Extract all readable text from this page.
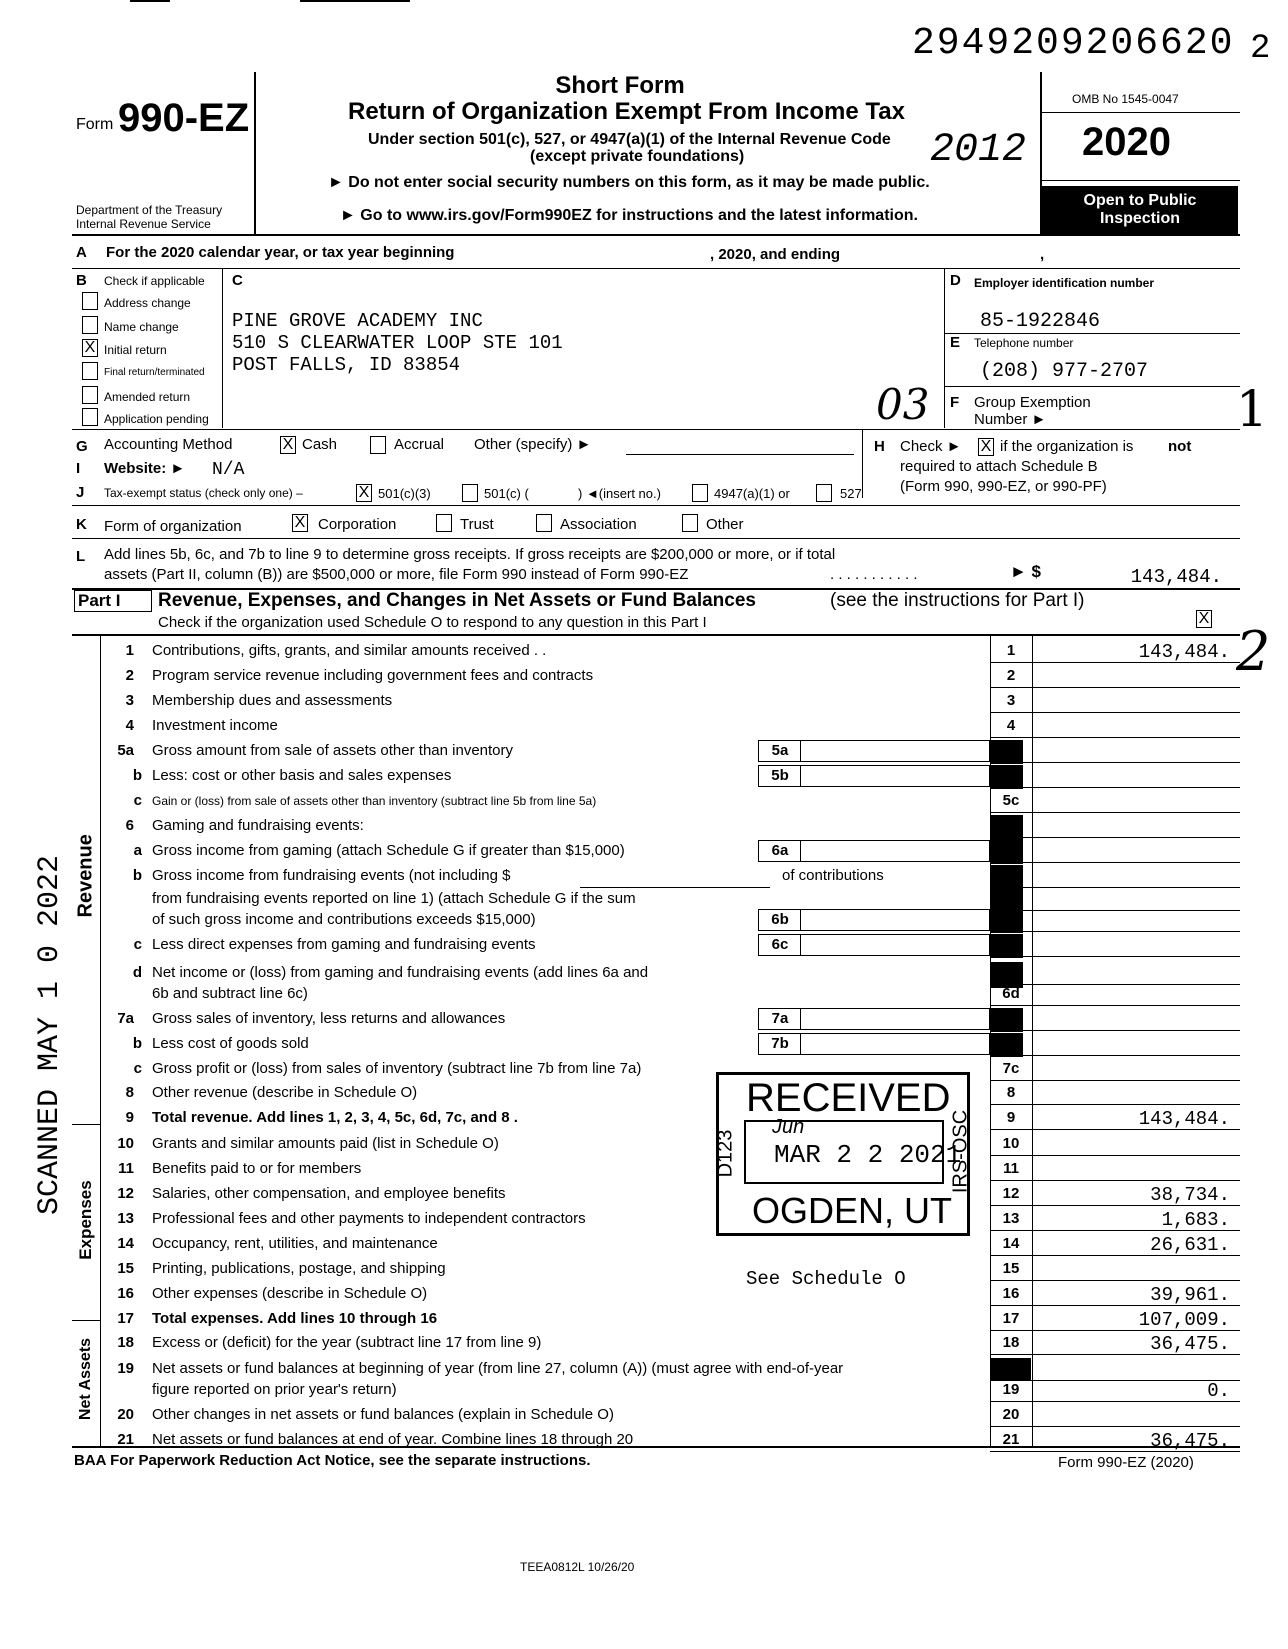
2949209206620 2
Form 990-EZ
Department of the Treasury
Internal Revenue Service
Short Form
Return of Organization Exempt From Income Tax
Under section 501(c), 527, or 4947(a)(1) of the Internal Revenue Code
(except private foundations)	2012
► Do not enter social security numbers on this form, as it may be made public.
► Go to www.irs.gov/Form990EZ for instructions and the latest information.
OMB No 1545-0047
2020
Open to Public
Inspection
A For the 2020 calendar year, or tax year beginning	, 2020, and ending	,
B Check if applicable
Address change
Name change
X Initial return
Final return/terminated
Amended return
Application pending
C
PINE GROVE ACADEMY INC
510 S CLEARWATER LOOP STE 101
POST FALLS, ID 83854
03
D Employer identification number
85-1922846
E Telephone number
(208) 977-2707
F Group Exemption
Number ►	1
G Accounting Method	X Cash	Accrual Other (specify) ►	H Check ► X if the organization is not
required to attach Schedule B
(Form 990, 990-EZ, or 990-PF)
I Website: ► N/A
J Tax-exempt status (check only one) –	X 501(c)(3)	501(c) (	) ◄(insert no.)	4947(a)(1) or	527
K Form of organization	X Corporation	Trust	Association	Other
L Add lines 5b, 6c, and 7b to line 9 to determine gross receipts. If gross receipts are $200,000 or more, or if total
assets (Part II, column (B)) are $500,000 or more, file Form 990 instead of Form 990-EZ	. . . . . . . . . . .	► $	143,484.
Part I Revenue, Expenses, and Changes in Net Assets or Fund Balances	(see the instructions for Part I)
Check if the organization used Schedule O to respond to any question in this Part I	X
2
Revenue
Expenses
Net Assets
SCANNED MAY 1 0 2022
1 Contributions, gifts, grants, and similar amounts received . .	1	143,484.
2 Program service revenue including government fees and contracts	2
3 Membership dues and assessments	3
4 Investment income	4
5a Gross amount from sale of assets other than inventory	5a
b Less: cost or other basis and sales expenses	5b
c Gain or (loss) from sale of assets other than inventory (subtract line 5b from line 5a)	5c
6 Gaming and fundraising events:
a Gross income from gaming (attach Schedule G if greater than $15,000)	6a
b Gross income from fundraising events (not including $	of contributions
from fundraising events reported on line 1) (attach Schedule G if the sum
of such gross income and contributions exceeds $15,000)	6b
c Less direct expenses from gaming and fundraising events	6c
d Net income or (loss) from gaming and fundraising events (add lines 6a and
6b and subtract line 6c)	6d
7a Gross sales of inventory, less returns and allowances	7a
b Less cost of goods sold	7b
c Gross profit or (loss) from sales of inventory (subtract line 7b from line 7a)	7c
8 Other revenue (describe in Schedule O)	8
9 Total revenue. Add lines 1, 2, 3, 4, 5c, 6d, 7c, and 8 .	9	143,484.
10 Grants and similar amounts paid (list in Schedule O)	10
11 Benefits paid to or for members	11
12 Salaries, other compensation, and employee benefits	12	38,734.
13 Professional fees and other payments to independent contractors	13	1,683.
14 Occupancy, rent, utilities, and maintenance	14	26,631.
15 Printing, publications, postage, and shipping	15
16 Other expenses (describe in Schedule O)	16	39,961.
17 Total expenses. Add lines 10 through 16	17	107,009.
18 Excess or (deficit) for the year (subtract line 17 from line 9)	18	36,475.
19 Net assets or fund balances at beginning of year (from line 27, column (A)) (must agree with end-of-year
figure reported on prior year's return)	19	0.
20 Other changes in net assets or fund balances (explain in Schedule O)	20
21 Net assets or fund balances at end of year. Combine lines 18 through 20	21	36,475.
RECEIVED
Jun
MAR 2 2 2021
D123	IRS-OSC
OGDEN, UT
See Schedule O
BAA For Paperwork Reduction Act Notice, see the separate instructions.	Form 990-EZ (2020)
TEEA0812L 10/26/20
